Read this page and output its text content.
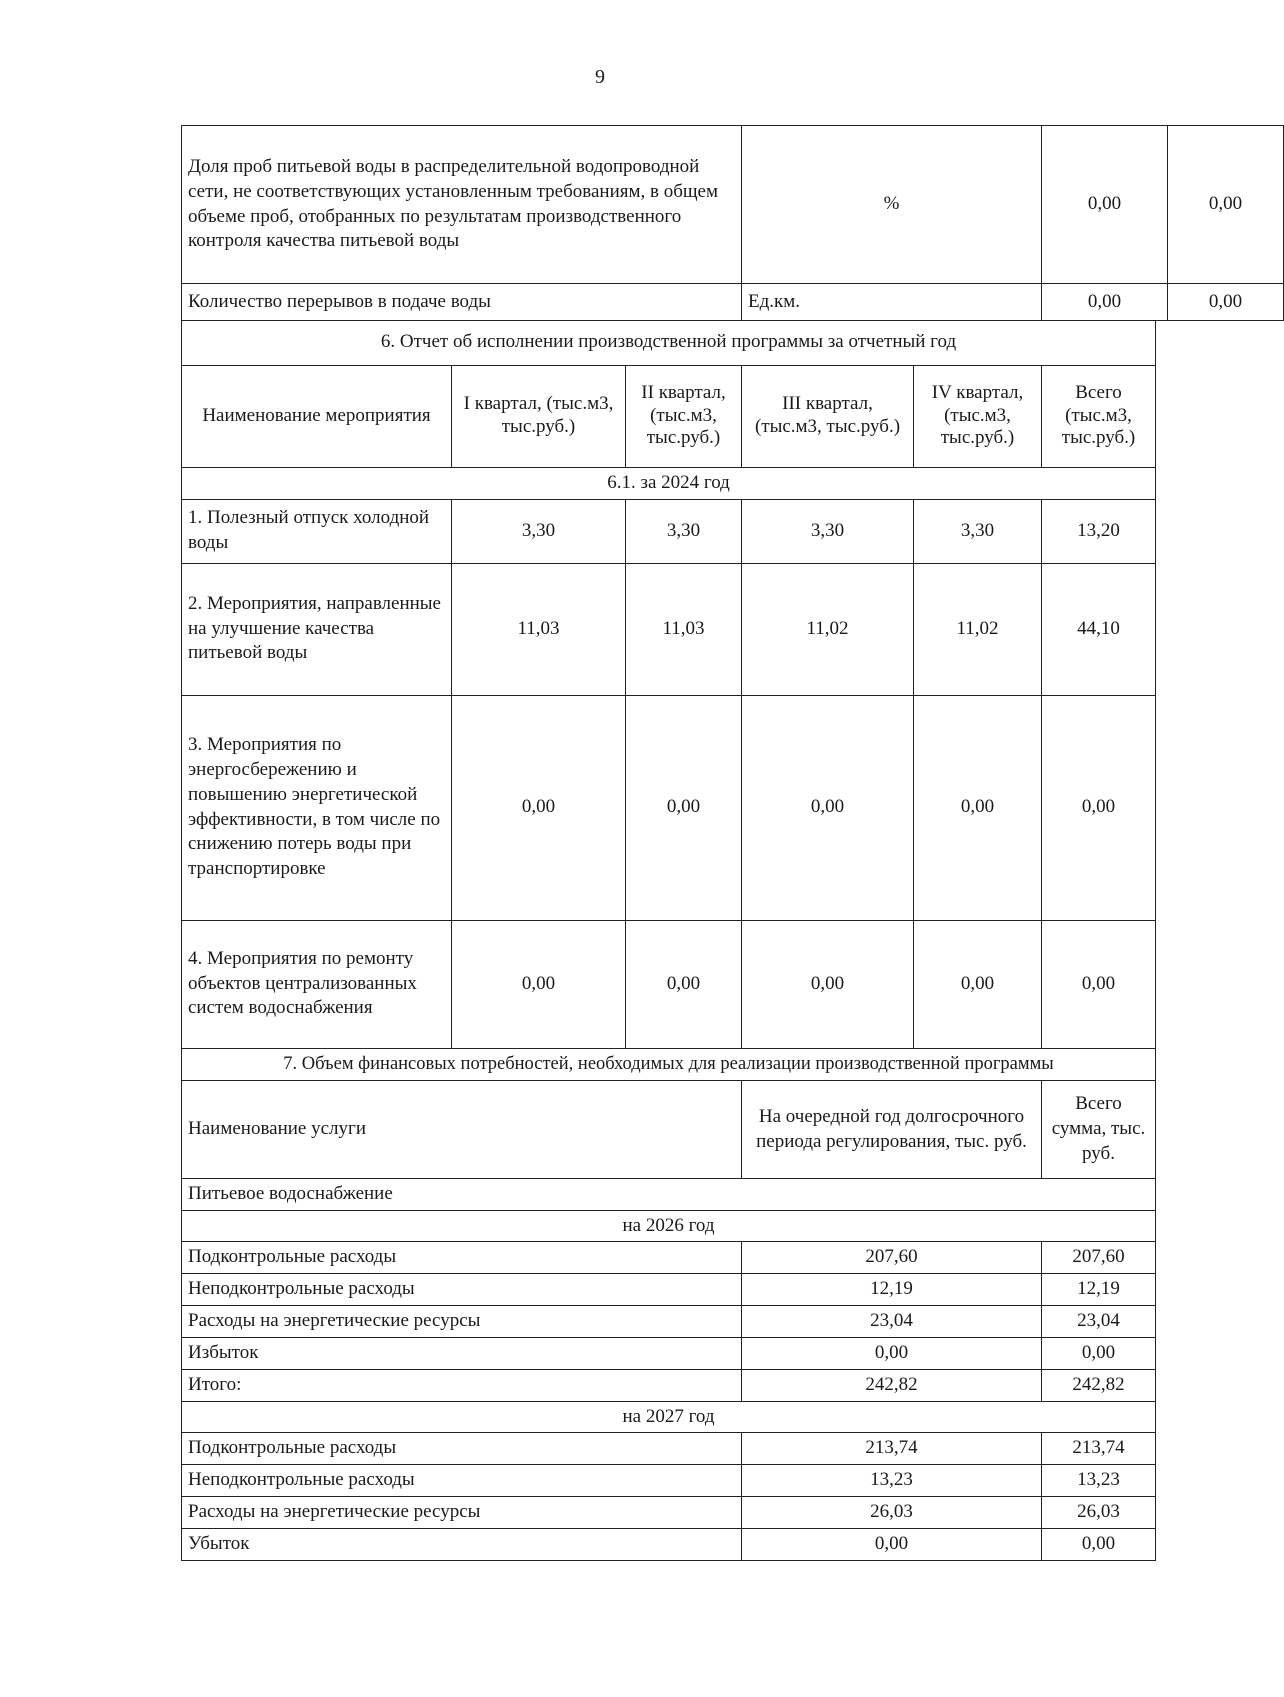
9
Доля проб питьевой воды в распределительной водопроводной сети, не соответствующих установленным требованиям, в общем объеме проб, отобранных по результатам производственного контроля качества питьевой воды	%	0,00	0,00
Количество перерывов в подаче воды	Ед.км.	0,00	0,00
6. Отчет об исполнении производственной программы за отчетный год					
Наименование мероприятия	I квартал, (тыс.м3, тыс.руб.)	II квартал, (тыс.м3, тыс.руб.)	III квартал, (тыс.м3, тыс.руб.)	IV квартал, (тыс.м3, тыс.руб.)	Всего (тыс.м3, тыс.руб.)
6.1. за 2024 год					
1. Полезный отпуск холодной воды	3,30	3,30	3,30	3,30	13,20
2. Мероприятия, направленные на улучшение качества питьевой воды	11,03	11,03	11,02	11,02	44,10
3. Мероприятия по энергосбережению и повышению энергетической эффективности, в том числе по снижению потерь воды при транспортировке	0,00	0,00	0,00	0,00	0,00
4. Мероприятия по ремонту объектов централизованных систем водоснабжения	0,00	0,00	0,00	0,00	0,00
7. Объем финансовых потребностей, необходимых для реализации производственной программы		
Наименование услуги	На очередной год долгосрочного периода регулирования, тыс. руб.	Всего сумма, тыс. руб.
Питьевое водоснабжение		
на 2026 год		
Подконтрольные расходы	207,60	207,60
Неподконтрольные расходы	12,19	12,19
Расходы на энергетические ресурсы	23,04	23,04
Избыток	0,00	0,00
Итого:	242,82	242,82
на 2027 год		
Подконтрольные расходы	213,74	213,74
Неподконтрольные расходы	13,23	13,23
Расходы на энергетические ресурсы	26,03	26,03
Убыток	0,00	0,00
